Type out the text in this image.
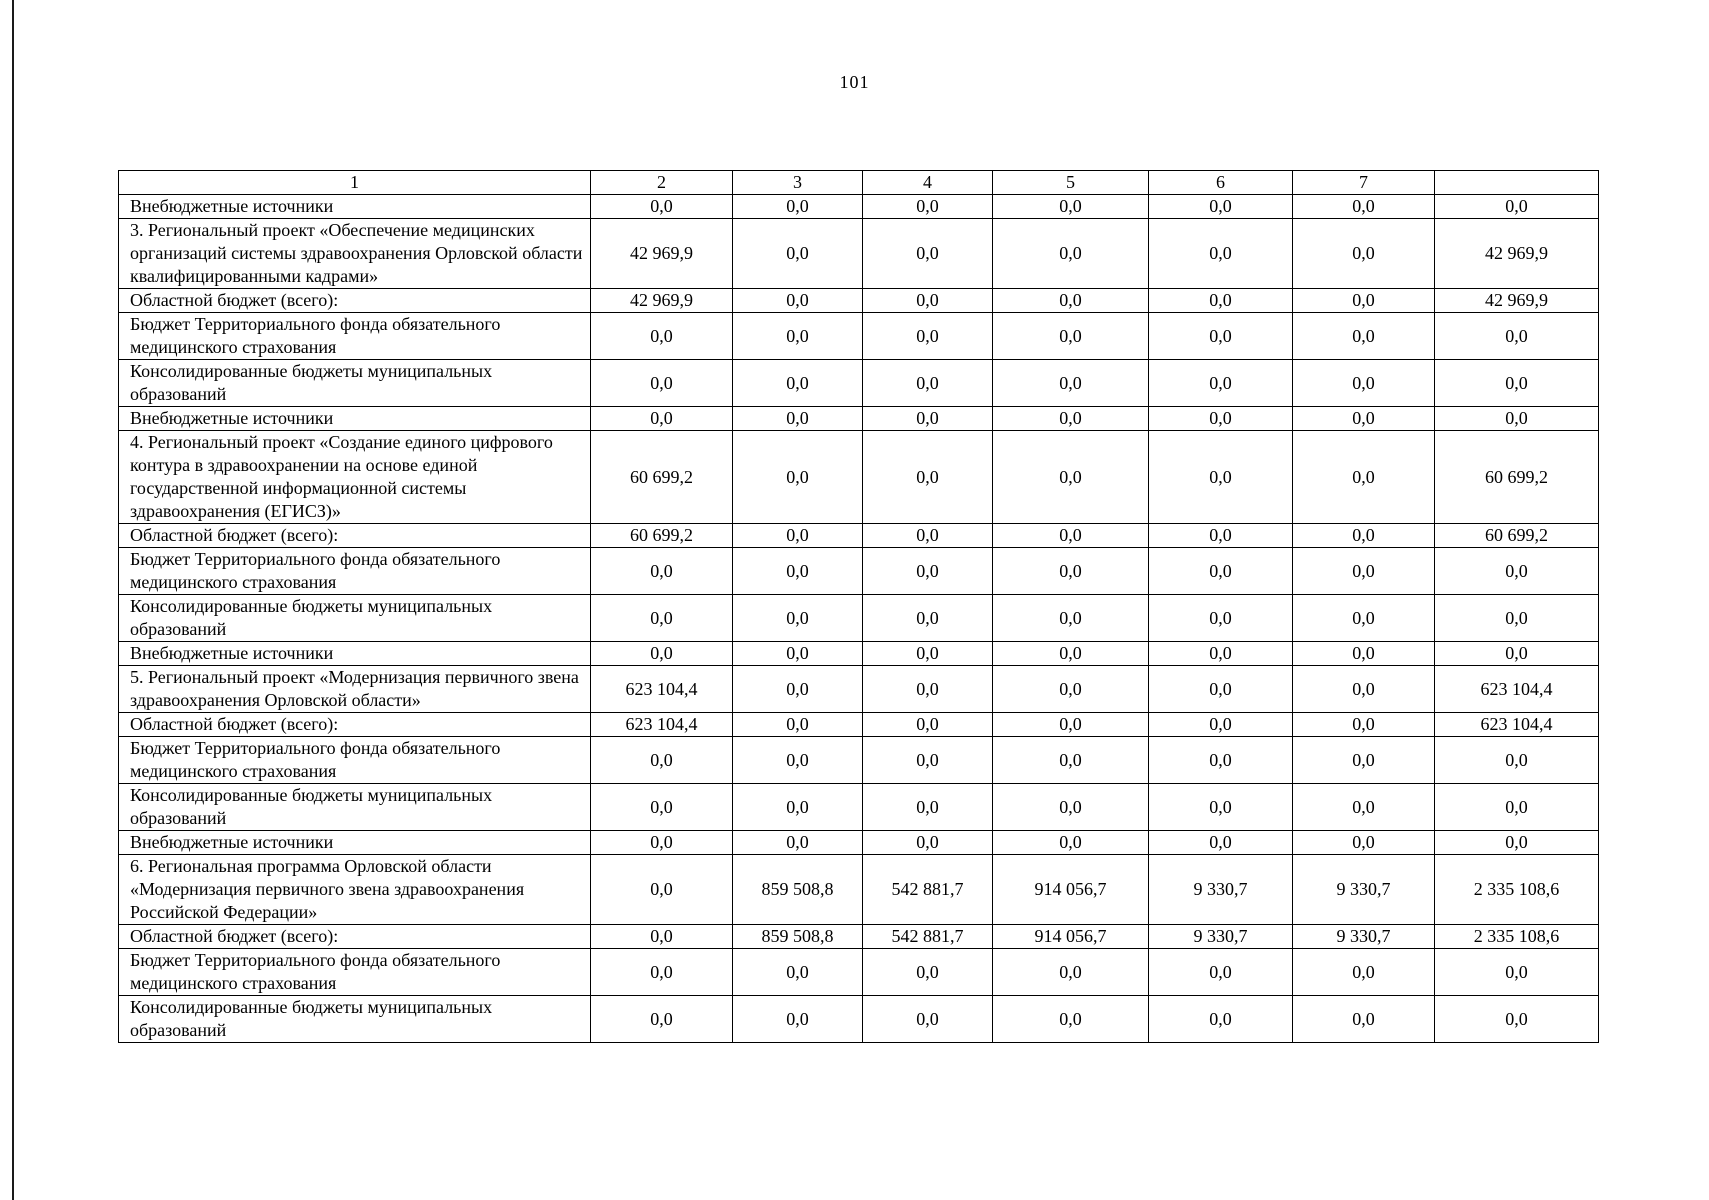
101
1	2	3	4	5	6	7	
Внебюджетные источники	0,0	0,0	0,0	0,0	0,0	0,0	0,0
3. Региональный проект «Обеспечение медицинских организаций системы здравоохранения Орловской области квалифицированными кадрами»	42 969,9	0,0	0,0	0,0	0,0	0,0	42 969,9
Областной бюджет (всего):	42 969,9	0,0	0,0	0,0	0,0	0,0	42 969,9
Бюджет Территориального фонда обязательного медицинского страхования	0,0	0,0	0,0	0,0	0,0	0,0	0,0
Консолидированные бюджеты муниципальных образований	0,0	0,0	0,0	0,0	0,0	0,0	0,0
Внебюджетные источники	0,0	0,0	0,0	0,0	0,0	0,0	0,0
4. Региональный проект «Создание единого цифрового контура в здравоохранении на основе единой государственной информационной системы здравоохранения (ЕГИСЗ)»	60 699,2	0,0	0,0	0,0	0,0	0,0	60 699,2
Областной бюджет (всего):	60 699,2	0,0	0,0	0,0	0,0	0,0	60 699,2
Бюджет Территориального фонда обязательного медицинского страхования	0,0	0,0	0,0	0,0	0,0	0,0	0,0
Консолидированные бюджеты муниципальных образований	0,0	0,0	0,0	0,0	0,0	0,0	0,0
Внебюджетные источники	0,0	0,0	0,0	0,0	0,0	0,0	0,0
5. Региональный проект «Модернизация первичного звена здравоохранения Орловской области»	623 104,4	0,0	0,0	0,0	0,0	0,0	623 104,4
Областной бюджет (всего):	623 104,4	0,0	0,0	0,0	0,0	0,0	623 104,4
Бюджет Территориального фонда обязательного медицинского страхования	0,0	0,0	0,0	0,0	0,0	0,0	0,0
Консолидированные бюджеты муниципальных образований	0,0	0,0	0,0	0,0	0,0	0,0	0,0
Внебюджетные источники	0,0	0,0	0,0	0,0	0,0	0,0	0,0
6. Региональная программа Орловской области «Модернизация первичного звена здравоохранения Российской Федерации»	0,0	859 508,8	542 881,7	914 056,7	9 330,7	9 330,7	2 335 108,6
Областной бюджет (всего):	0,0	859 508,8	542 881,7	914 056,7	9 330,7	9 330,7	2 335 108,6
Бюджет Территориального фонда обязательного медицинского страхования	0,0	0,0	0,0	0,0	0,0	0,0	0,0
Консолидированные бюджеты муниципальных образований	0,0	0,0	0,0	0,0	0,0	0,0	0,0
